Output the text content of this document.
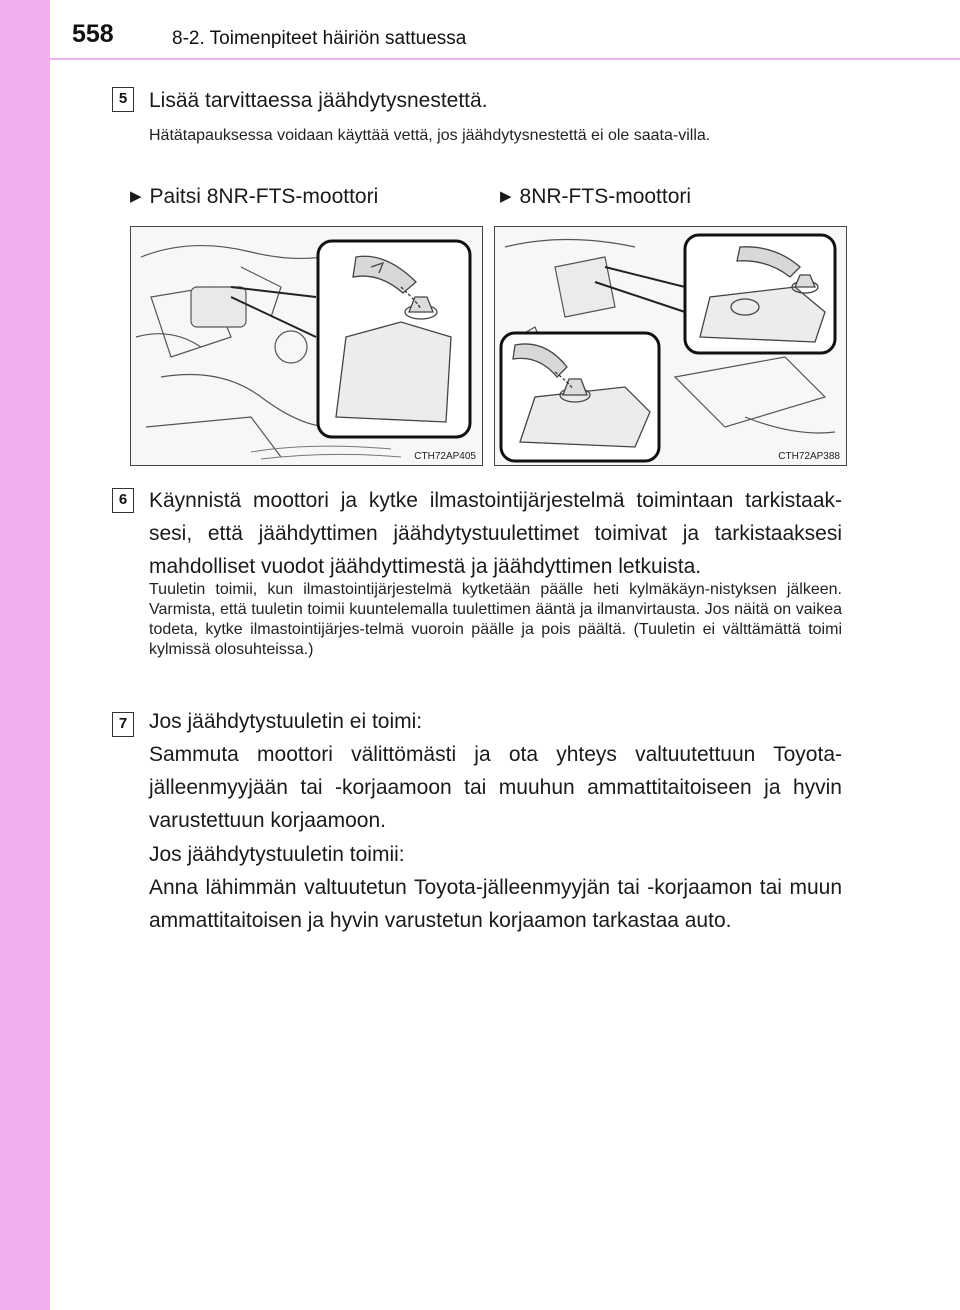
558	8-2. Toimenpiteet häiriön sattuessa
5	Lisää tarvittaessa jäähdytysnestettä.
Hätätapauksessa voidaan käyttää vettä, jos jäähdytysnestettä ei ole saata-villa.
▶ Paitsi 8NR-FTS-moottori	▶ 8NR-FTS-moottori
CTH72AP405	CTH72AP388
6	Käynnistä moottori ja kytke ilmastointijärjestelmä toimintaan tarkistaak-sesi, että jäähdyttimen jäähdytystuulettimet toimivat ja tarkistaaksesi mahdolliset vuodot jäähdyttimestä ja jäähdyttimen letkuista.
Tuuletin toimii, kun ilmastointijärjestelmä kytketään päälle heti kylmäkäyn-nistyksen jälkeen. Varmista, että tuuletin toimii kuuntelemalla tuulettimen ääntä ja ilmanvirtausta. Jos näitä on vaikea todeta, kytke ilmastointijärjes-telmä vuoroin päälle ja pois päältä. (Tuuletin ei välttämättä toimi kylmissä olosuhteissa.)
7	Jos jäähdytystuuletin ei toimi:
Sammuta moottori välittömästi ja ota yhteys valtuutettuun Toyota-jälleenmyyjään tai -korjaamoon tai muuhun ammattitaitoiseen ja hyvin varustettuun korjaamoon.
Jos jäähdytystuuletin toimii:
Anna lähimmän valtuutetun Toyota-jälleenmyyjän tai -korjaamon tai muun ammattitaitoisen ja hyvin varustetun korjaamon tarkastaa auto.
